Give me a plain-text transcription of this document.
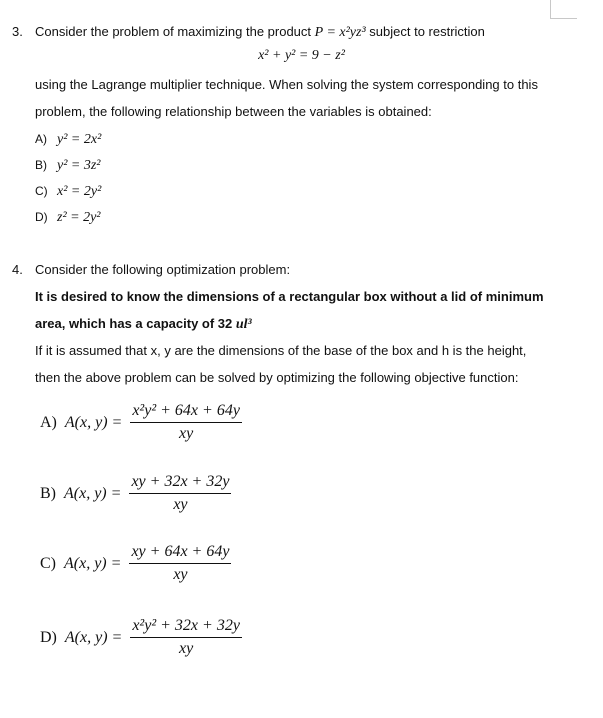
3. Consider the problem of maximizing the product P = x²yz³ subject to restriction
x² + y² = 9 − z²
using the Lagrange multiplier technique. When solving the system corresponding to this
problem, the following relationship between the variables is obtained:
A) y² = 2x²
B) y² = 3z²
C) x² = 2y²
D) z² = 2y²
4. Consider the following optimization problem:
It is desired to know the dimensions of a rectangular box without a lid of minimum
area, which has a capacity of 32 ul³
If it is assumed that x, y are the dimensions of the base of the box and h is the height,
then the above problem can be solved by optimizing the following objective function:
A) A(x, $y) = \frac{\text{x²y² + 64x + 64y}}{xy}$
B) A(x, $y) = \frac{xy + 32x + 32y}{xy}$
C) A(x, $y) = \frac{xy + 64x + 64y}{xy}$
D) A(x, $y) = \frac{\text{x²y² + 32x + 32y}}{xy}$
